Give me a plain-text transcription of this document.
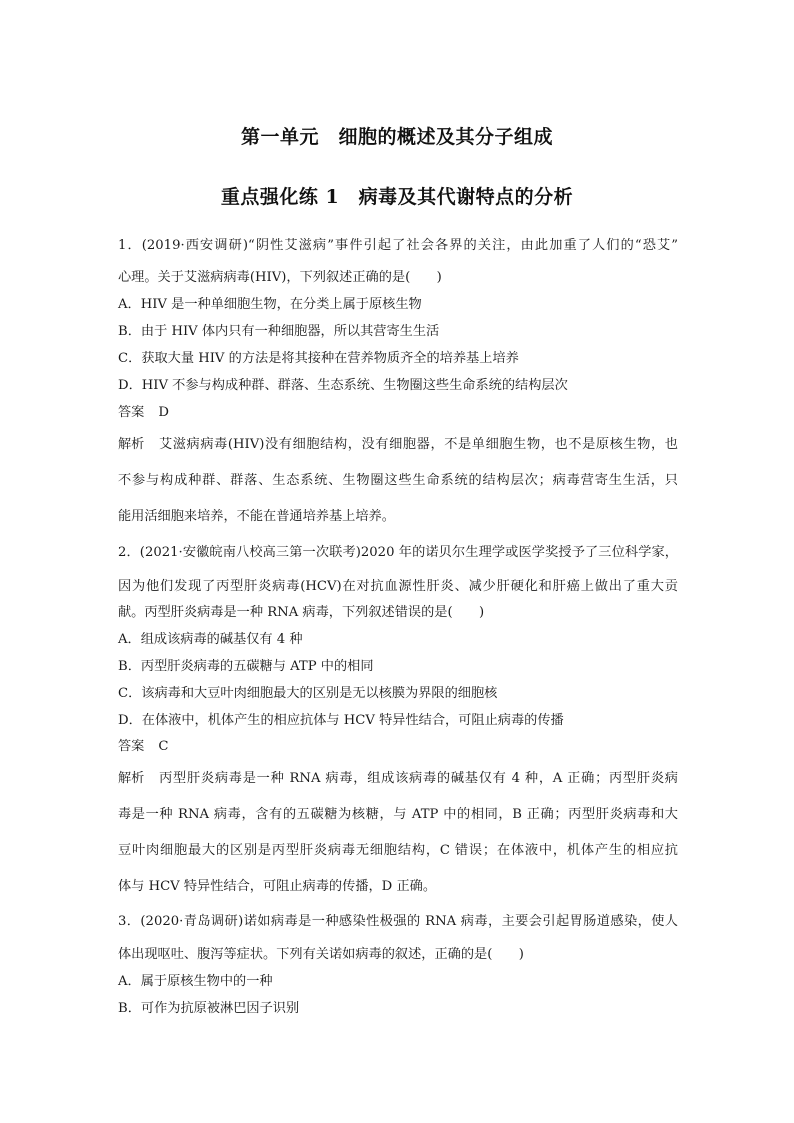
第一单元　细胞的概述及其分子组成
重点强化练 1　病毒及其代谢特点的分析
1．(2019·西安调研)“阴性艾滋病”事件引起了社会各界的关注，由此加重了人们的“恐艾”
心理。关于艾滋病病毒(HIV)，下列叙述正确的是(　　)
A．HIV 是一种单细胞生物，在分类上属于原核生物
B．由于 HIV 体内只有一种细胞器，所以其营寄生生活
C．获取大量 HIV 的方法是将其接种在营养物质齐全的培养基上培养
D．HIV 不参与构成种群、群落、生态系统、生物圈这些生命系统的结构层次
答案 D
解析 艾滋病病毒(HIV)没有细胞结构，没有细胞器，不是单细胞生物，也不是原核生物，也
不参与构成种群、群落、生态系统、生物圈这些生命系统的结构层次；病毒营寄生生活，只
能用活细胞来培养，不能在普通培养基上培养。
2．(2021·安徽皖南八校高三第一次联考)2020 年的诺贝尔生理学或医学奖授予了三位科学家，
因为他们发现了丙型肝炎病毒(HCV)在对抗血源性肝炎、减少肝硬化和肝癌上做出了重大贡
献。丙型肝炎病毒是一种 RNA 病毒，下列叙述错误的是(　　)
A．组成该病毒的碱基仅有 4 种
B．丙型肝炎病毒的五碳糖与 ATP 中的相同
C．该病毒和大豆叶肉细胞最大的区别是无以核膜为界限的细胞核
D．在体液中，机体产生的相应抗体与 HCV 特异性结合，可阻止病毒的传播
答案 C
解析 丙型肝炎病毒是一种 RNA 病毒，组成该病毒的碱基仅有 4 种，A 正确；丙型肝炎病
毒是一种 RNA 病毒，含有的五碳糖为核糖，与 ATP 中的相同，B 正确；丙型肝炎病毒和大
豆叶肉细胞最大的区别是丙型肝炎病毒无细胞结构，C 错误；在体液中，机体产生的相应抗
体与 HCV 特异性结合，可阻止病毒的传播，D 正确。
3．(2020·青岛调研)诺如病毒是一种感染性极强的 RNA 病毒，主要会引起胃肠道感染，使人
体出现呕吐、腹泻等症状。下列有关诺如病毒的叙述，正确的是(　　)
A．属于原核生物中的一种
B．可作为抗原被淋巴因子识别
